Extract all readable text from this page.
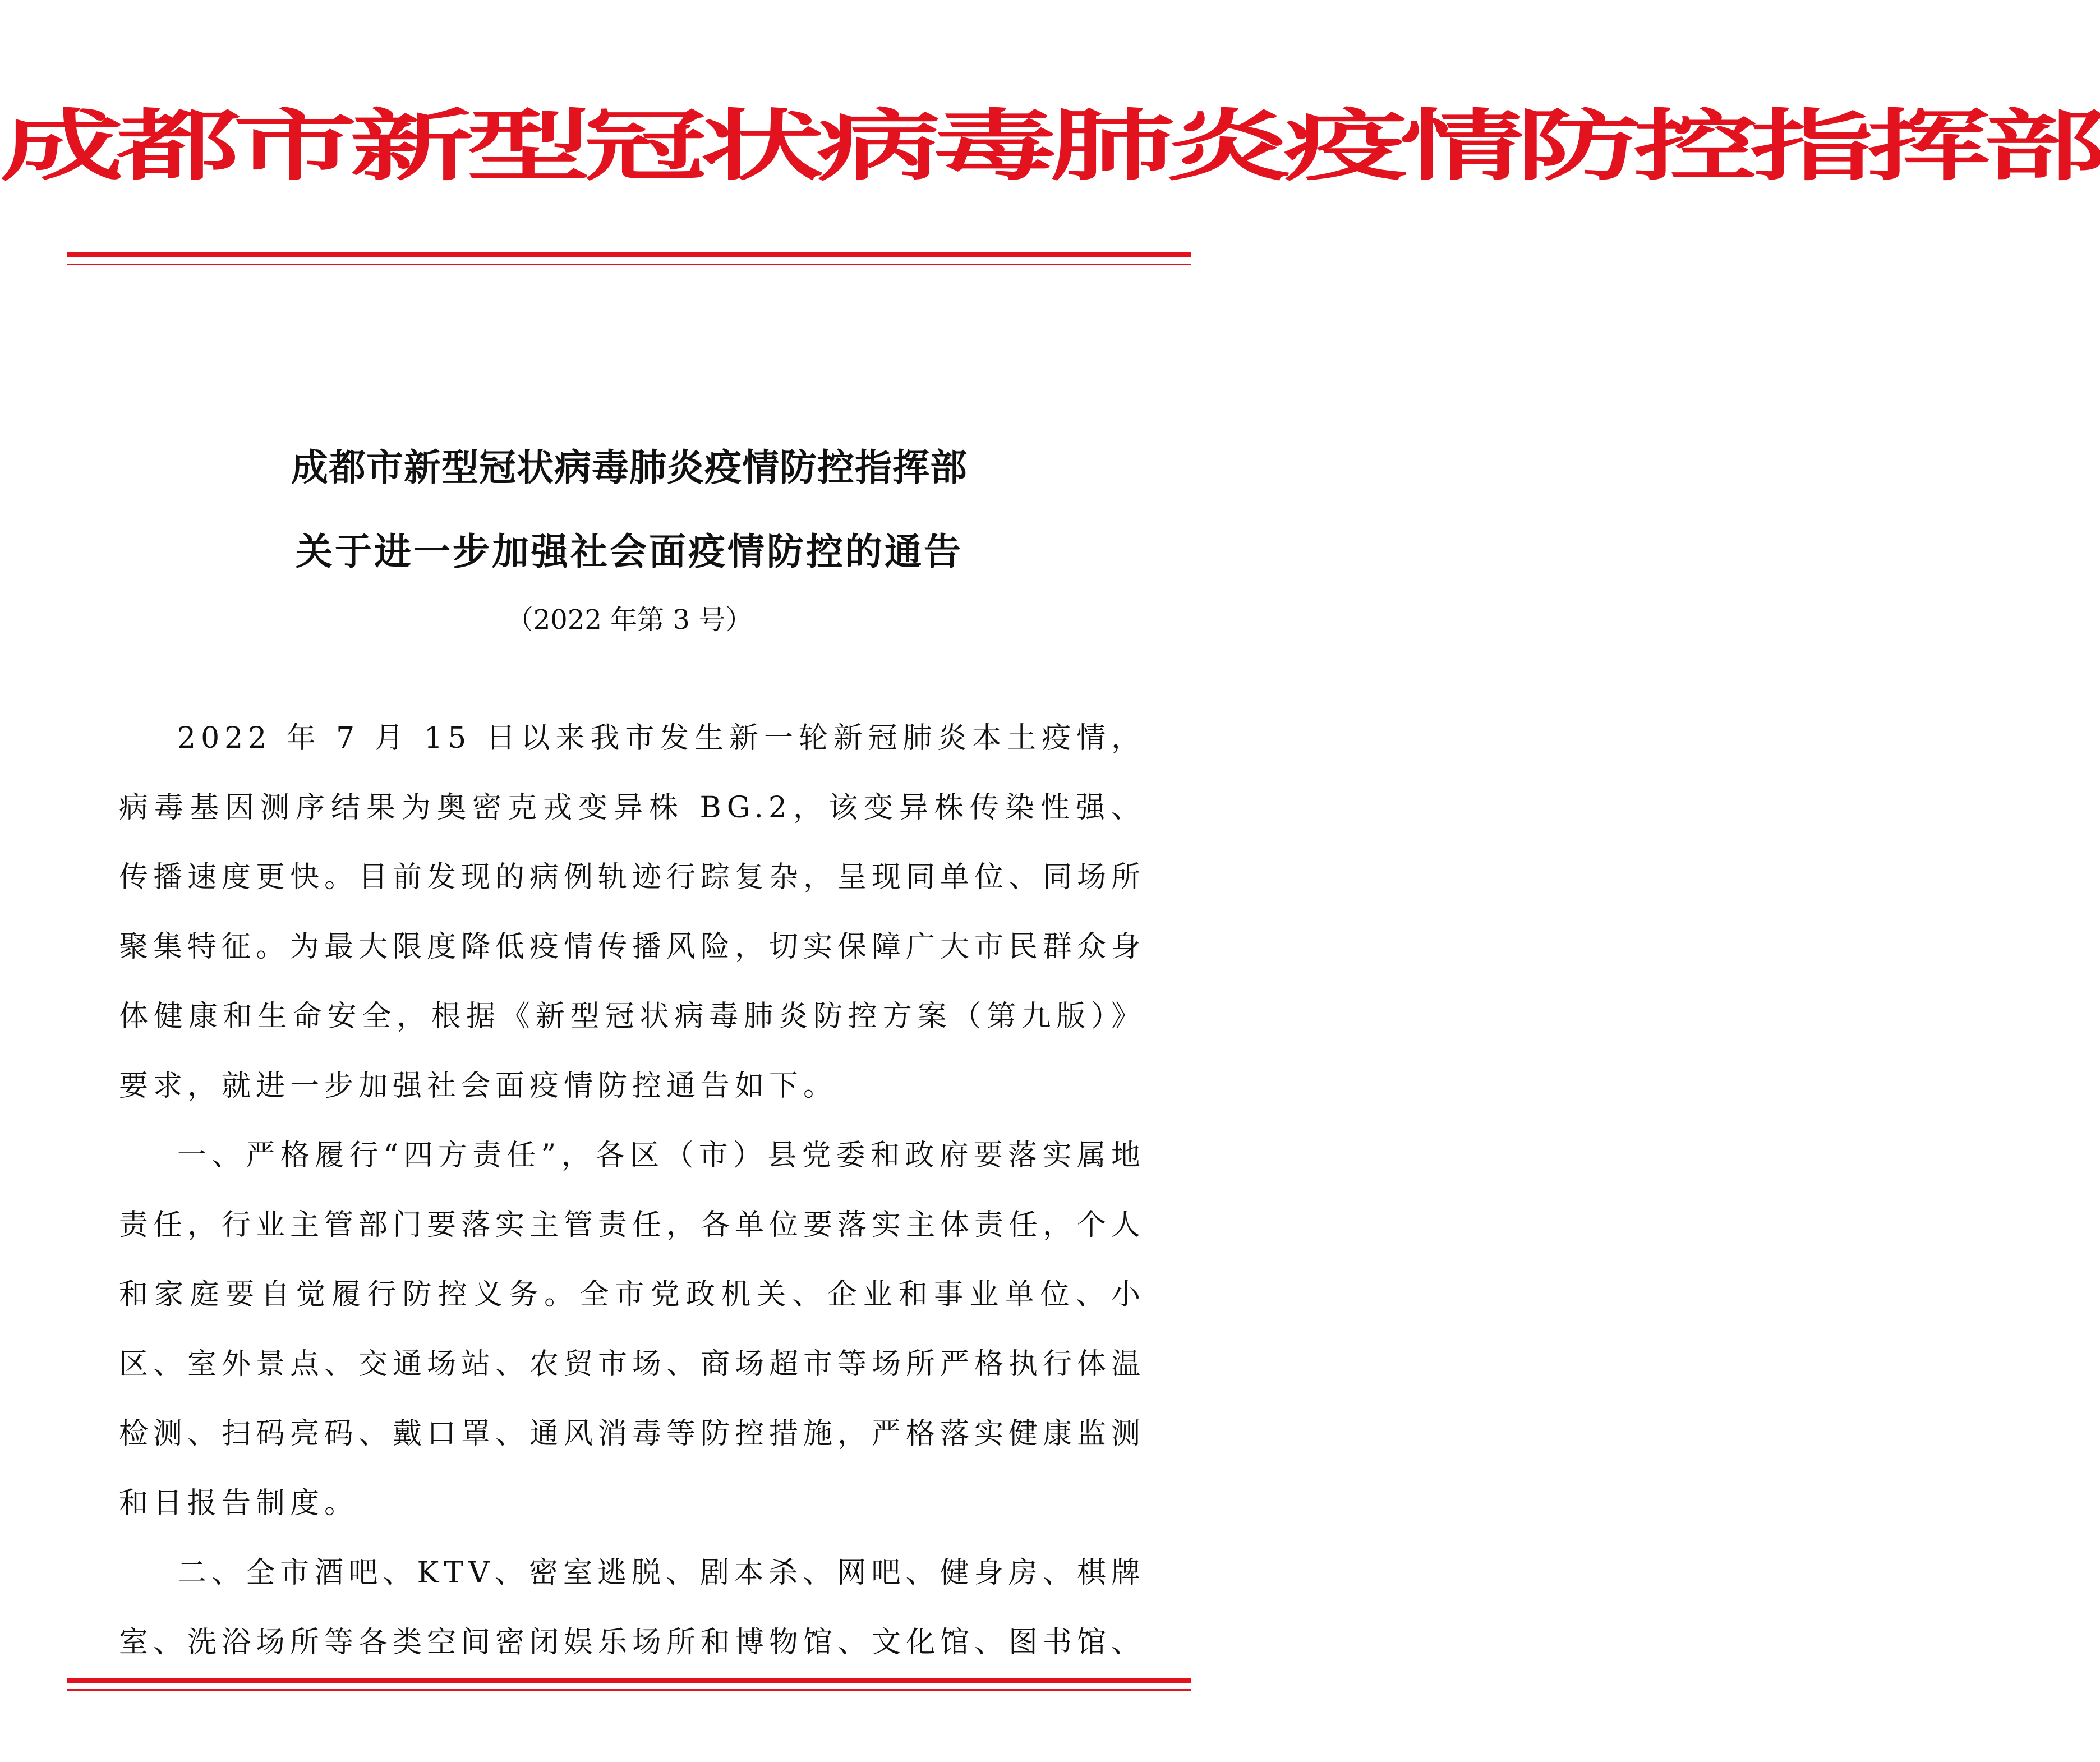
成都市新型冠状病毒肺炎疫情防控指挥部
成都市新型冠状病毒肺炎疫情防控指挥部
关于进一步加强社会面疫情防控的通告
（2022 年第 3 号）

2022 年 7 月 15 日以来我市发生新一轮新冠肺炎本土疫情，病毒基因测序结果为奥密克戎变异株 BG.2，该变异株传染性强、传播速度更快。目前发现的病例轨迹行踪复杂，呈现同单位、同场所聚集特征。为最大限度降低疫情传播风险，切实保障广大市民群众身体健康和生命安全，根据《新型冠状病毒肺炎防控方案（第九版）》要求，就进一步加强社会面疫情防控通告如下。

一、严格履行“四方责任”，各区（市）县党委和政府要落实属地责任，行业主管部门要落实主管责任，各单位要落实主体责任，个人和家庭要自觉履行防控义务。全市党政机关、企业和事业单位、小区、室外景点、交通场站、农贸市场、商场超市等场所严格执行体温检测、扫码亮码、戴口罩、通风消毒等防控措施，严格落实健康监测和日报告制度。

二、全市酒吧、KTV、密室逃脱、剧本杀、网吧、健身房、棋牌室、洗浴场所等各类空间密闭娱乐场所和博物馆、文化馆、图书馆、
